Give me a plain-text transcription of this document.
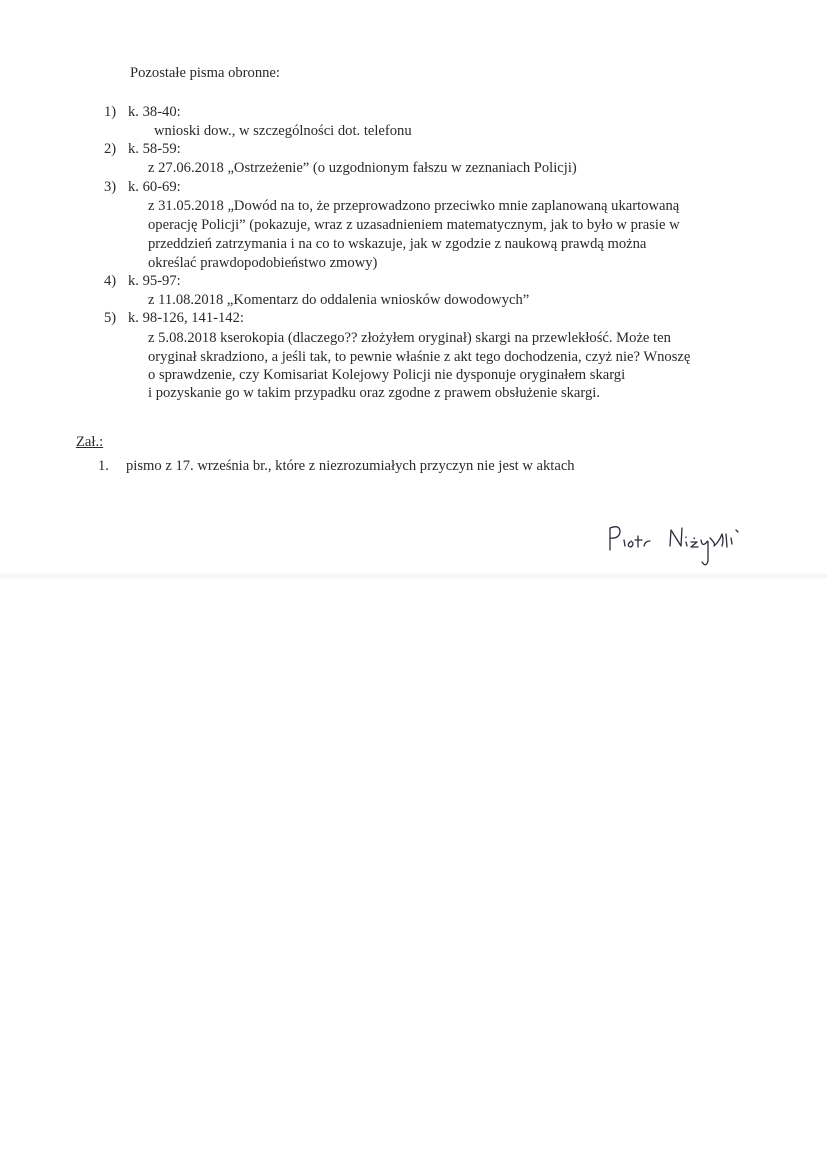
Pozostałe pisma obronne:
1) k. 38-40:
wnioski dow., w szczególności dot. telefonu
2) k. 58-59:
z 27.06.2018 „Ostrzeżenie” (o uzgodnionym fałszu w zeznaniach Policji)
3) k. 60-69:
z 31.05.2018 „Dowód na to, że przeprowadzono przeciwko mnie zaplanowaną ukartowaną
operację Policji” (pokazuje, wraz z uzasadnieniem matematycznym, jak to było w prasie w
przeddzień zatrzymania i na co to wskazuje, jak w zgodzie z naukową prawdą można
określać prawdopodobieństwo zmowy)
4) k. 95-97:
z 11.08.2018 „Komentarz do oddalenia wniosków dowodowych”
5) k. 98-126, 141-142:
z 5.08.2018 kserokopia (dlaczego?? złożyłem oryginał) skargi na przewlekłość. Może ten
oryginał skradziono, a jeśli tak, to pewnie właśnie z akt tego dochodzenia, czyż nie? Wnoszę
o sprawdzenie, czy Komisariat Kolejowy Policji nie dysponuje oryginałem skargi
i pozyskanie go w takim przypadku oraz zgodne z prawem obsłużenie skargi.
Zał.:
1. pismo z 17. września br., które z niezrozumiałych przyczyn nie jest w aktach
